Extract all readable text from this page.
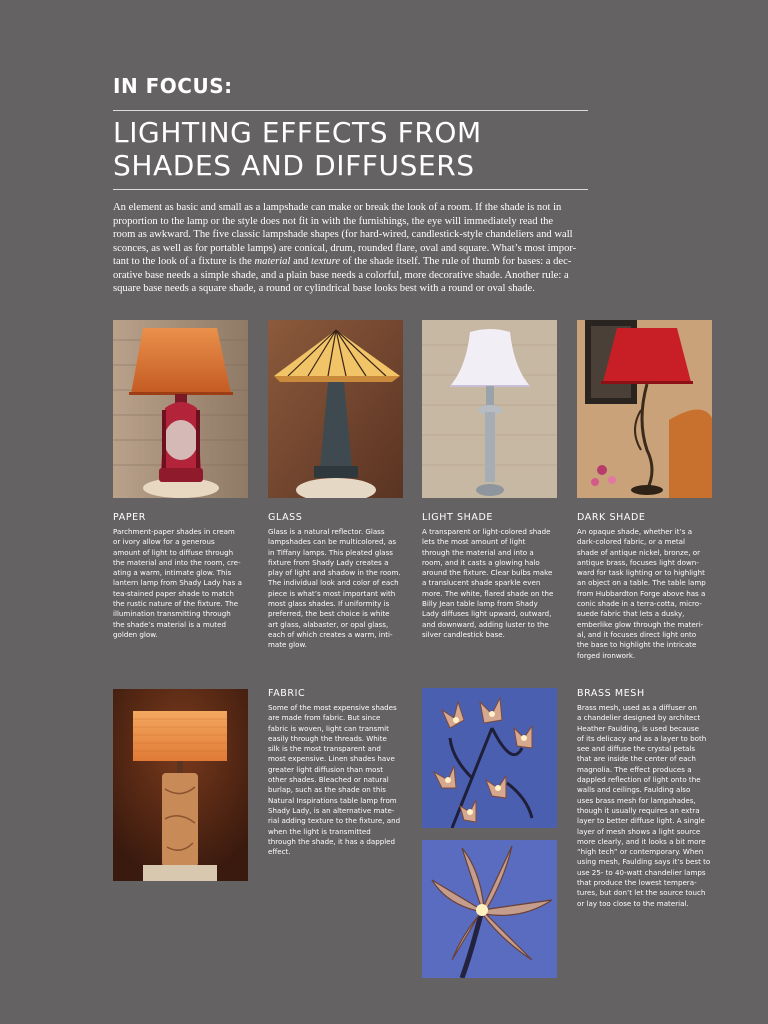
IN FOCUS:
LIGHTING EFFECTS FROM
SHADES AND DIFFUSERS
An element as basic and small as a lampshade can make or break the look of a room. If the shade is not in
proportion to the lamp or the style does not fit in with the furnishings, the eye will immediately read the
room as awkward. The five classic lampshade shapes (for hard-wired, candlestick-style chandeliers and wall
sconces, as well as for portable lamps) are conical, drum, rounded flare, oval and square. What’s most impor-
tant to the look of a fixture is the material and texture of the shade itself. The rule of thumb for bases: a dec-
orative base needs a simple shade, and a plain base needs a colorful, more decorative shade. Another rule: a
square base needs a square shade, a round or cylindrical base looks best with a round or oval shade.
PAPER
Parchment-paper shades in cream
or ivory allow for a generous
amount of light to diffuse through
the material and into the room, cre-
ating a warm, intimate glow. This
lantern lamp from Shady Lady has a
tea-stained paper shade to match
the rustic nature of the fixture. The
illumination transmitting through
the shade’s material is a muted
golden glow.
GLASS
Glass is a natural reflector. Glass
lampshades can be multicolored, as
in Tiffany lamps. This pleated glass
fixture from Shady Lady creates a
play of light and shadow in the room.
The individual look and color of each
piece is what’s most important with
most glass shades. If uniformity is
preferred, the best choice is white
art glass, alabaster, or opal glass,
each of which creates a warm, inti-
mate glow.
LIGHT SHADE
A transparent or light-colored shade
lets the most amount of light
through the material and into a
room, and it casts a glowing halo
around the fixture. Clear bulbs make
a translucent shade sparkle even
more. The white, flared shade on the
Billy Jean table lamp from Shady
Lady diffuses light upward, outward,
and downward, adding luster to the
silver candlestick base.
DARK SHADE
An opaque shade, whether it’s a
dark-colored fabric, or a metal
shade of antique nickel, bronze, or
antique brass, focuses light down-
ward for task lighting or to highlight
an object on a table. The table lamp
from Hubbardton Forge above has a
conic shade in a terra-cotta, micro-
suede fabric that lets a dusky,
emberlike glow through the materi-
al, and it focuses direct light onto
the base to highlight the intricate
forged ironwork.
FABRIC
Some of the most expensive shades
are made from fabric. But since
fabric is woven, light can transmit
easily through the threads. White
silk is the most transparent and
most expensive. Linen shades have
greater light diffusion than most
other shades. Bleached or natural
burlap, such as the shade on this
Natural Inspirations table lamp from
Shady Lady, is an alternative mate-
rial adding texture to the fixture, and
when the light is transmitted
through the shade, it has a dappled
effect.
BRASS MESH
Brass mesh, used as a diffuser on
a chandelier designed by architect
Heather Faulding, is used because
of its delicacy and as a layer to both
see and diffuse the crystal petals
that are inside the center of each
magnolia. The effect produces a
dappled reflection of light onto the
walls and ceilings. Faulding also
uses brass mesh for lampshades,
though it usually requires an extra
layer to better diffuse light. A single
layer of mesh shows a light source
more clearly, and it looks a bit more
“high tech” or contemporary. When
using mesh, Faulding says it’s best to
use 25- to 40-watt chandelier lamps
that produce the lowest tempera-
tures, but don’t let the source touch
or lay too close to the material.
